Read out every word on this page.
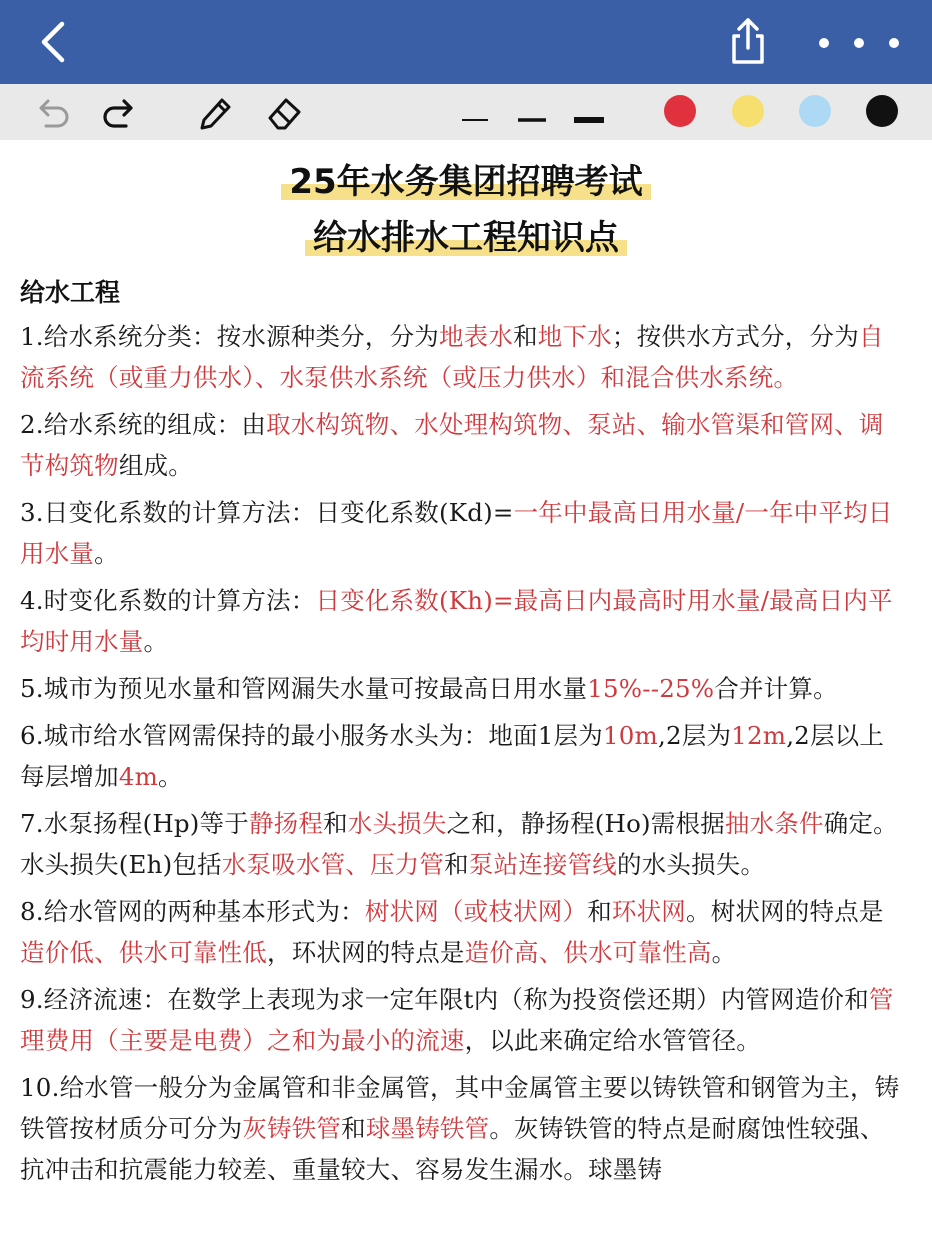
25年水务集团招聘考试
给水排水工程知识点
给水工程
1.给水系统分类：按水源种类分，分为地表水和地下水；按供水方式分，分为自流系统（或重力供水）、水泵供水系统（或压力供水）和混合供水系统。
2.给水系统的组成：由取水构筑物、水处理构筑物、泵站、输水管渠和管网、调节构筑物组成。
3.日变化系数的计算方法：日变化系数(Kd)=一年中最高日用水量/一年中平均日用水量。
4.时变化系数的计算方法：日变化系数(Kh)=最高日内最高时用水量/最高日内平均时用水量。
5.城市为预见水量和管网漏失水量可按最高日用水量15%--25%合并计算。
6.城市给水管网需保持的最小服务水头为：地面1层为10m,2层为12m,2层以上每层增加4m。
7.水泵扬程(Hp)等于静扬程和水头损失之和，静扬程(Ho)需根据抽水条件确定。水头损失(Eh)包括水泵吸水管、压力管和泵站连接管线的水头损失。
8.给水管网的两种基本形式为：树状网（或枝状网）和环状网。树状网的特点是造价低、供水可靠性低，环状网的特点是造价高、供水可靠性高。
9.经济流速：在数学上表现为求一定年限t内（称为投资偿还期）内管网造价和管理费用（主要是电费）之和为最小的流速，以此来确定给水管管径。
10.给水管一般分为金属管和非金属管，其中金属管主要以铸铁管和钢管为主，铸铁管按材质分可分为灰铸铁管和球墨铸铁管。灰铸铁管的特点是耐腐蚀性较强、抗冲击和抗震能力较差、重量较大、容易发生漏水。球墨铸
